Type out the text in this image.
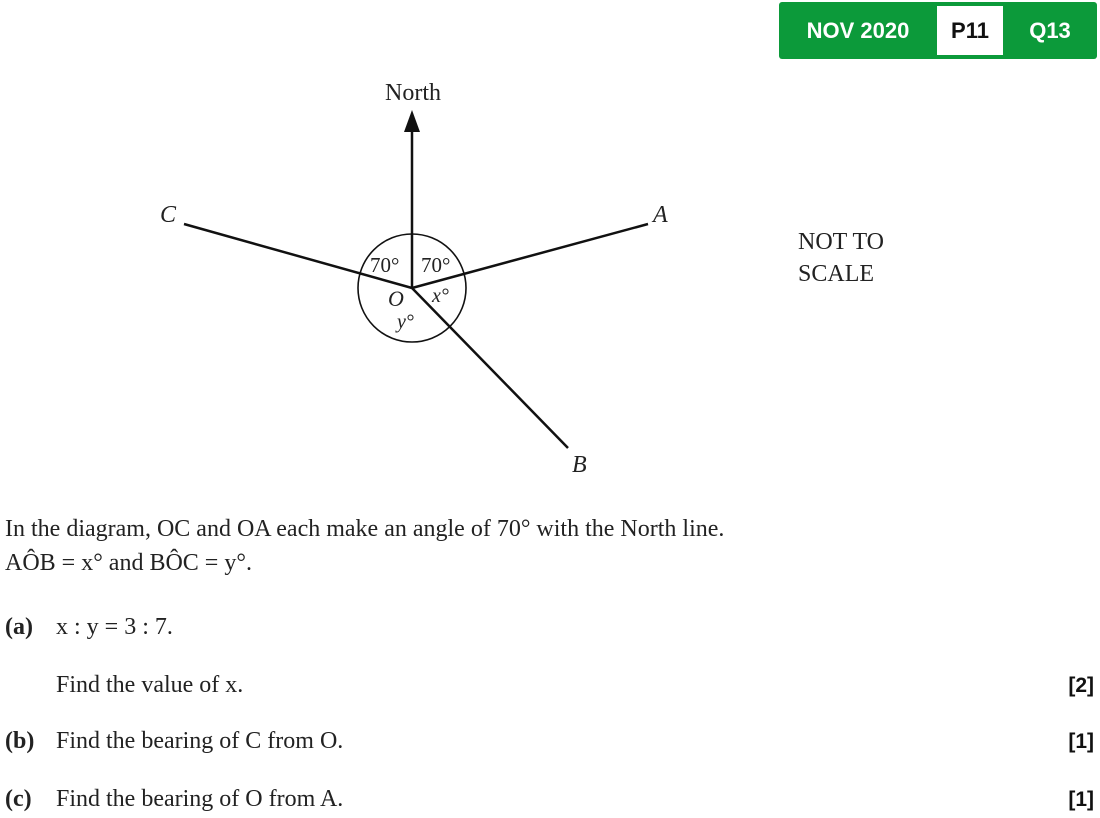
NOV 2020	P11	Q13
North
C	A
B
O
70° 70°
x°
y°
NOT TO
SCALE
In the diagram, OC and OA each make an angle of 70° with the North line.
AÔB = x° and BÔC = y°.
(a) x : y = 3 : 7.
Find the value of x.	[2]
(b) Find the bearing of C from O.	[1]
(c) Find the bearing of O from A.	[1]
